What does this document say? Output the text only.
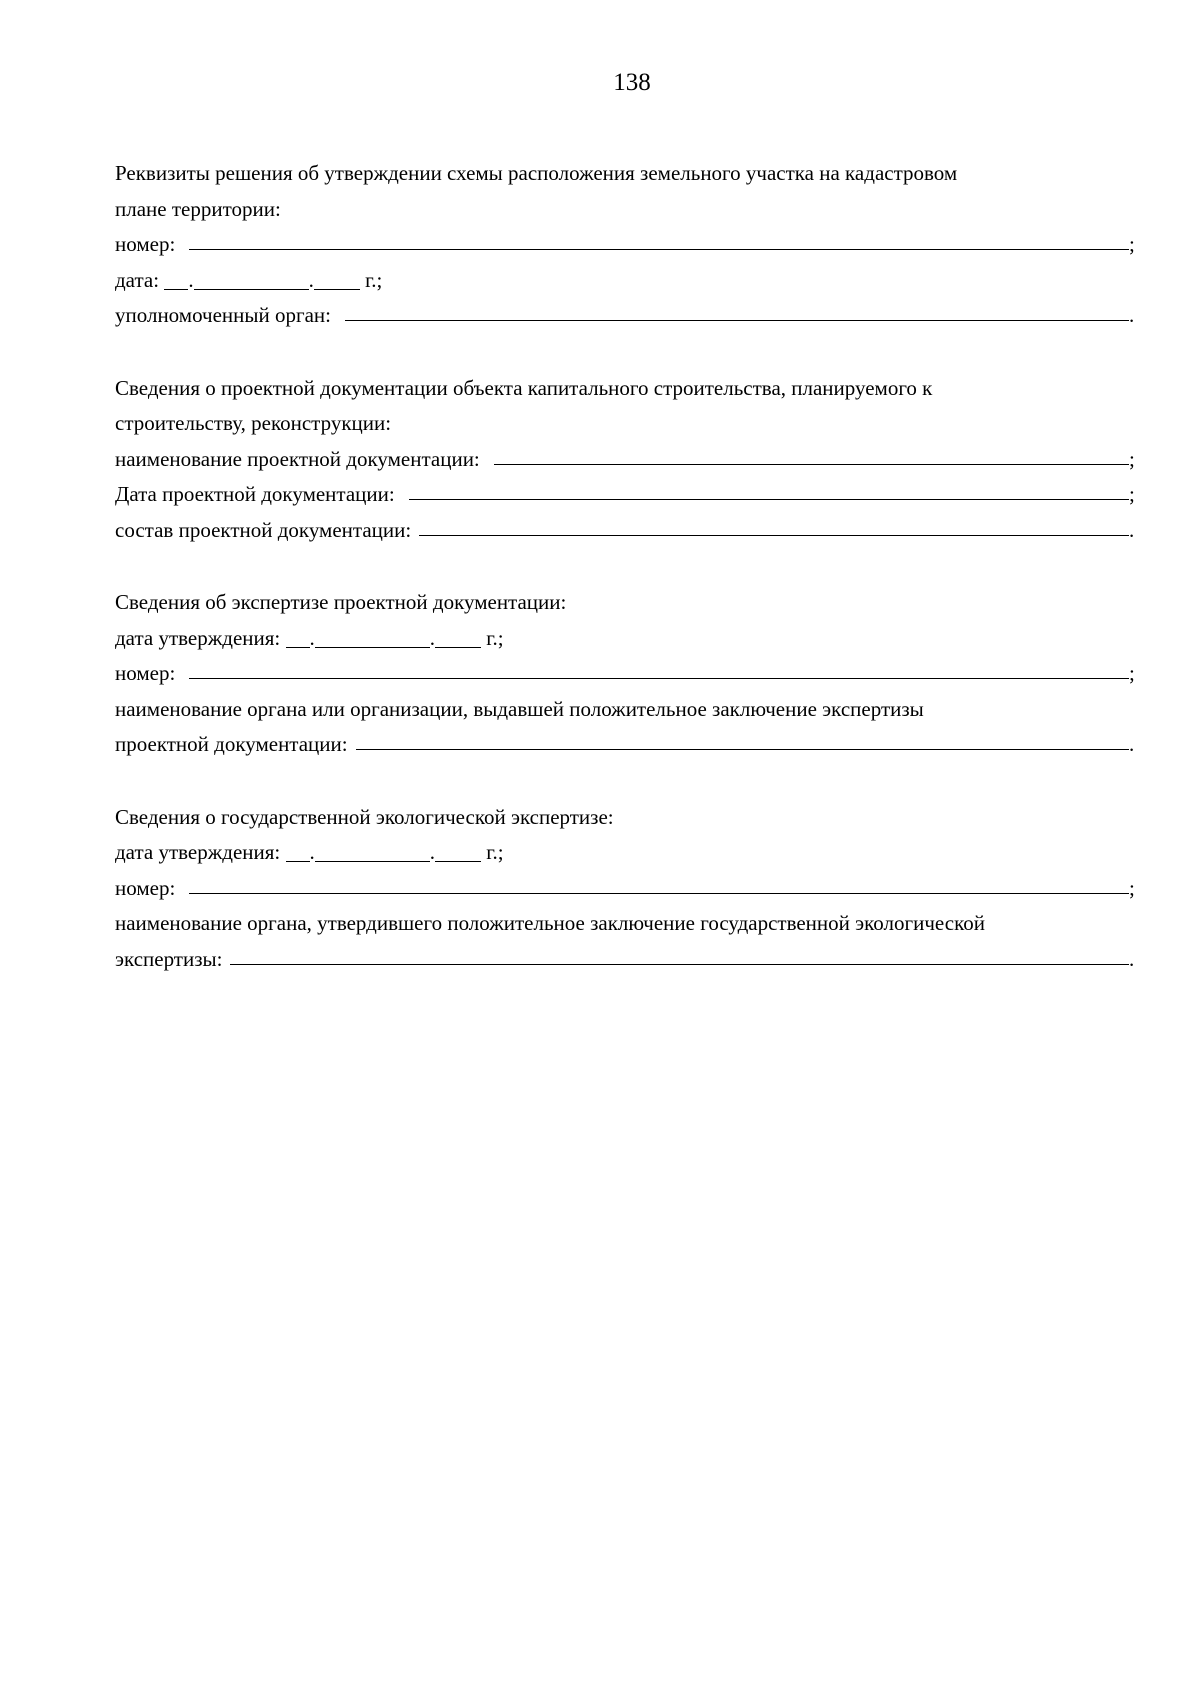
138
Реквизиты решения об утверждении схемы расположения земельного участка на кадастровом
плане территории:
номер:	;
дата: .	. г.;
уполномоченный орган:	.
Сведения о проектной документации объекта капитального строительства, планируемого к
строительству, реконструкции:
наименование проектной документации:	;
Дата проектной документации:	;
состав проектной документации:	.
Сведения об экспертизе проектной документации:
дата утверждения: .	. г.;
номер:	;
наименование органа или организации, выдавшей положительное заключение экспертизы
проектной документации:	.
Сведения о государственной экологической экспертизе:
дата утверждения: .	. г.;
номер:	;
наименование органа, утвердившего положительное заключение государственной экологической
экспертизы:	.
